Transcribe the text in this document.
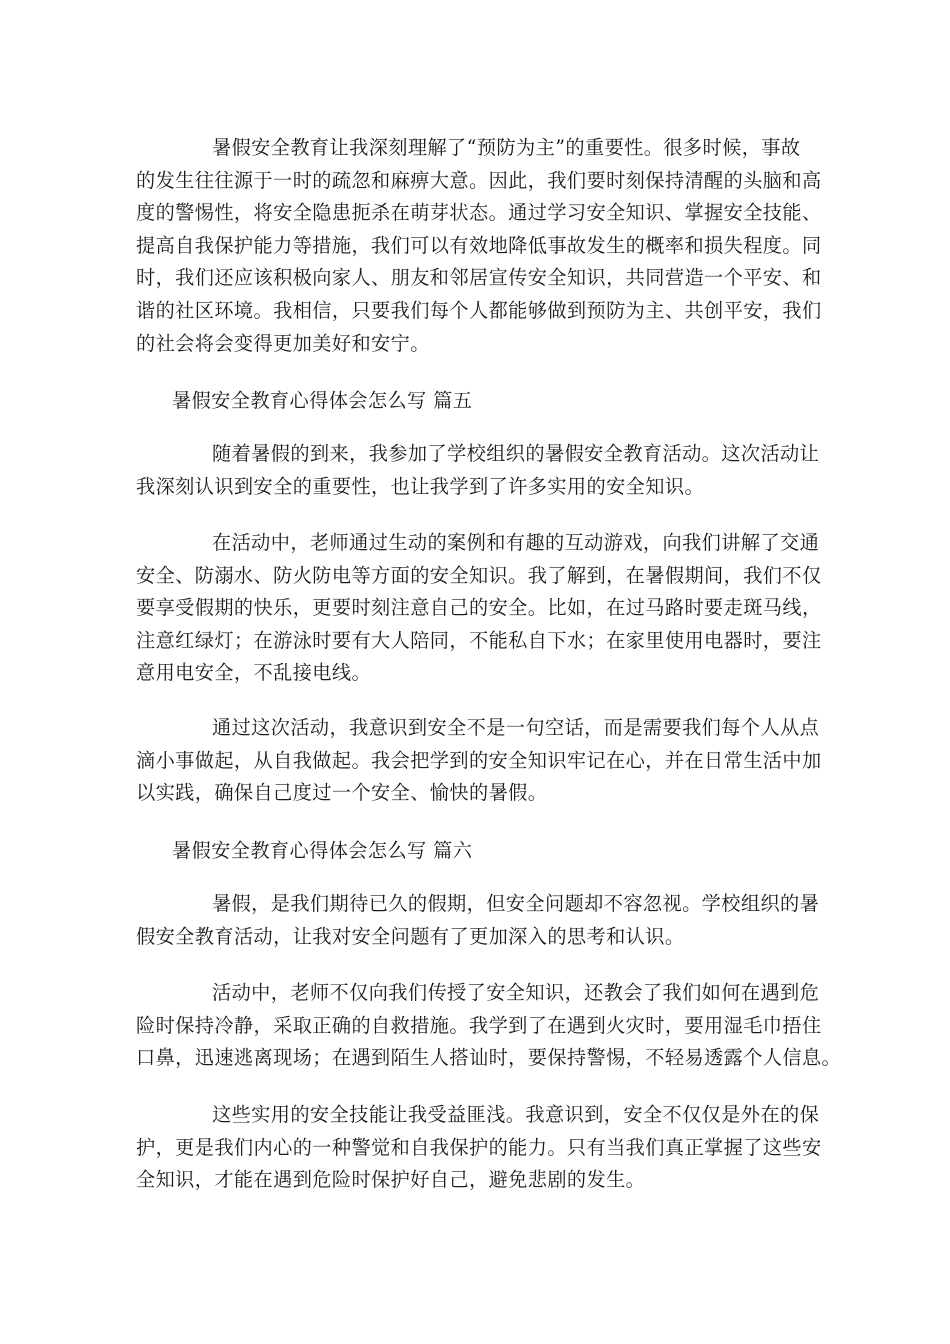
暑假安全教育让我深刻理解了“预防为主”的重要性。很多时候，事故
的发生往往源于一时的疏忽和麻痹大意。因此，我们要时刻保持清醒的头脑和高
度的警惕性，将安全隐患扼杀在萌芽状态。通过学习安全知识、掌握安全技能、
提高自我保护能力等措施，我们可以有效地降低事故发生的概率和损失程度。同
时，我们还应该积极向家人、朋友和邻居宣传安全知识，共同营造一个平安、和
谐的社区环境。我相信，只要我们每个人都能够做到预防为主、共创平安，我们
的社会将会变得更加美好和安宁。
暑假安全教育心得体会怎么写 篇五
随着暑假的到来，我参加了学校组织的暑假安全教育活动。这次活动让
我深刻认识到安全的重要性，也让我学到了许多实用的安全知识。
在活动中，老师通过生动的案例和有趣的互动游戏，向我们讲解了交通
安全、防溺水、防火防电等方面的安全知识。我了解到，在暑假期间，我们不仅
要享受假期的快乐，更要时刻注意自己的安全。比如，在过马路时要走斑马线，
注意红绿灯；在游泳时要有大人陪同，不能私自下水；在家里使用电器时，要注
意用电安全，不乱接电线。
通过这次活动，我意识到安全不是一句空话，而是需要我们每个人从点
滴小事做起，从自我做起。我会把学到的安全知识牢记在心，并在日常生活中加
以实践，确保自己度过一个安全、愉快的暑假。
暑假安全教育心得体会怎么写 篇六
暑假，是我们期待已久的假期，但安全问题却不容忽视。学校组织的暑
假安全教育活动，让我对安全问题有了更加深入的思考和认识。
活动中，老师不仅向我们传授了安全知识，还教会了我们如何在遇到危
险时保持冷静，采取正确的自救措施。我学到了在遇到火灾时，要用湿毛巾捂住
口鼻，迅速逃离现场；在遇到陌生人搭讪时，要保持警惕，不轻易透露个人信息。
这些实用的安全技能让我受益匪浅。我意识到，安全不仅仅是外在的保
护，更是我们内心的一种警觉和自我保护的能力。只有当我们真正掌握了这些安
全知识，才能在遇到危险时保护好自己，避免悲剧的发生。
